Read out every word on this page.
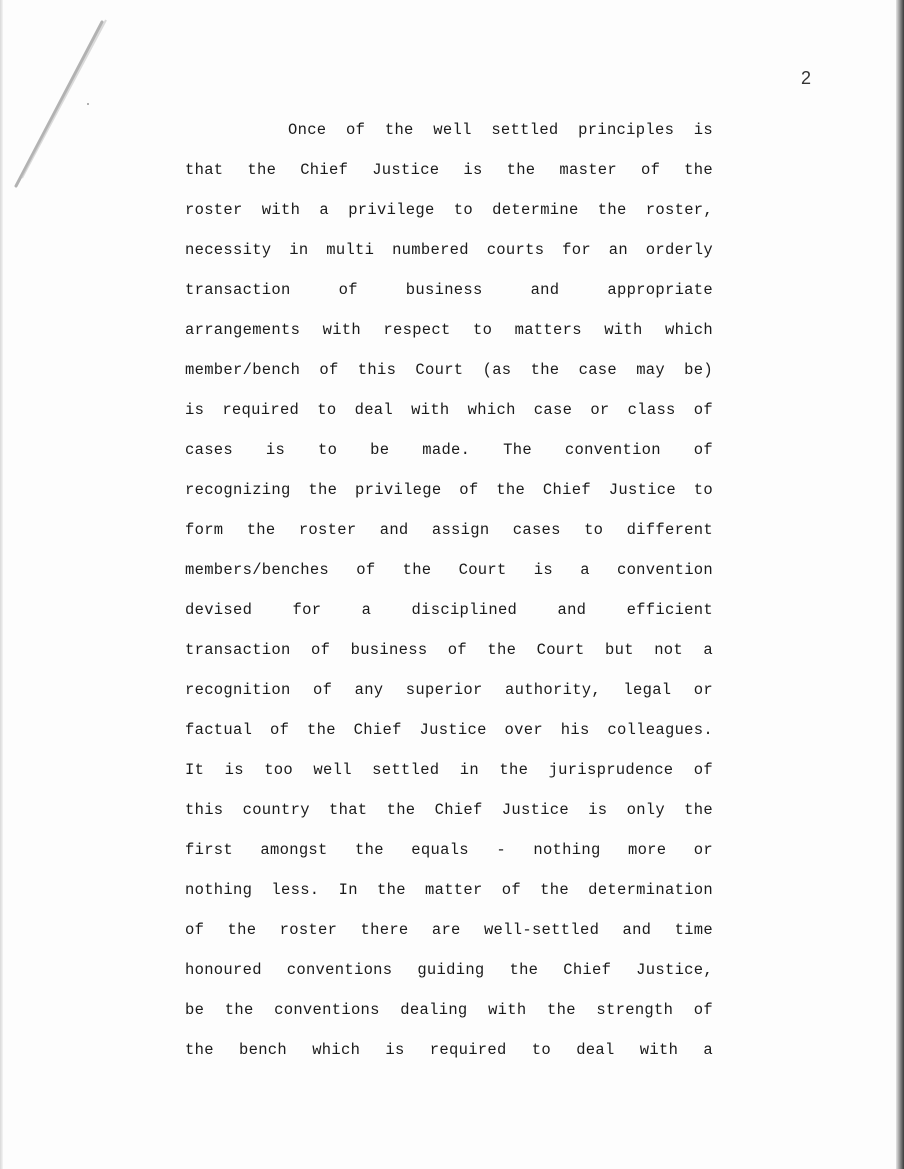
2
Once of the well settled principles is
that the Chief Justice is the master of the
roster with a privilege to determine the roster,
necessity in multi numbered courts for an orderly
transaction of business and appropriate
arrangements with respect to matters with which
member/bench of this Court (as the case may be)
is required to deal with which case or class of
cases is to be made. The convention of
recognizing the privilege of the Chief Justice to
form the roster and assign cases to different
members/benches of the Court is a convention
devised for a disciplined and efficient
transaction of business of the Court but not a
recognition of any superior authority, legal or
factual of the Chief Justice over his colleagues.
It is too well settled in the jurisprudence of
this country that the Chief Justice is only the
first amongst the equals - nothing more or
nothing less. In the matter of the determination
of the roster there are well-settled and time
honoured conventions guiding the Chief Justice,
be the conventions dealing with the strength of
the bench which is required to deal with a
